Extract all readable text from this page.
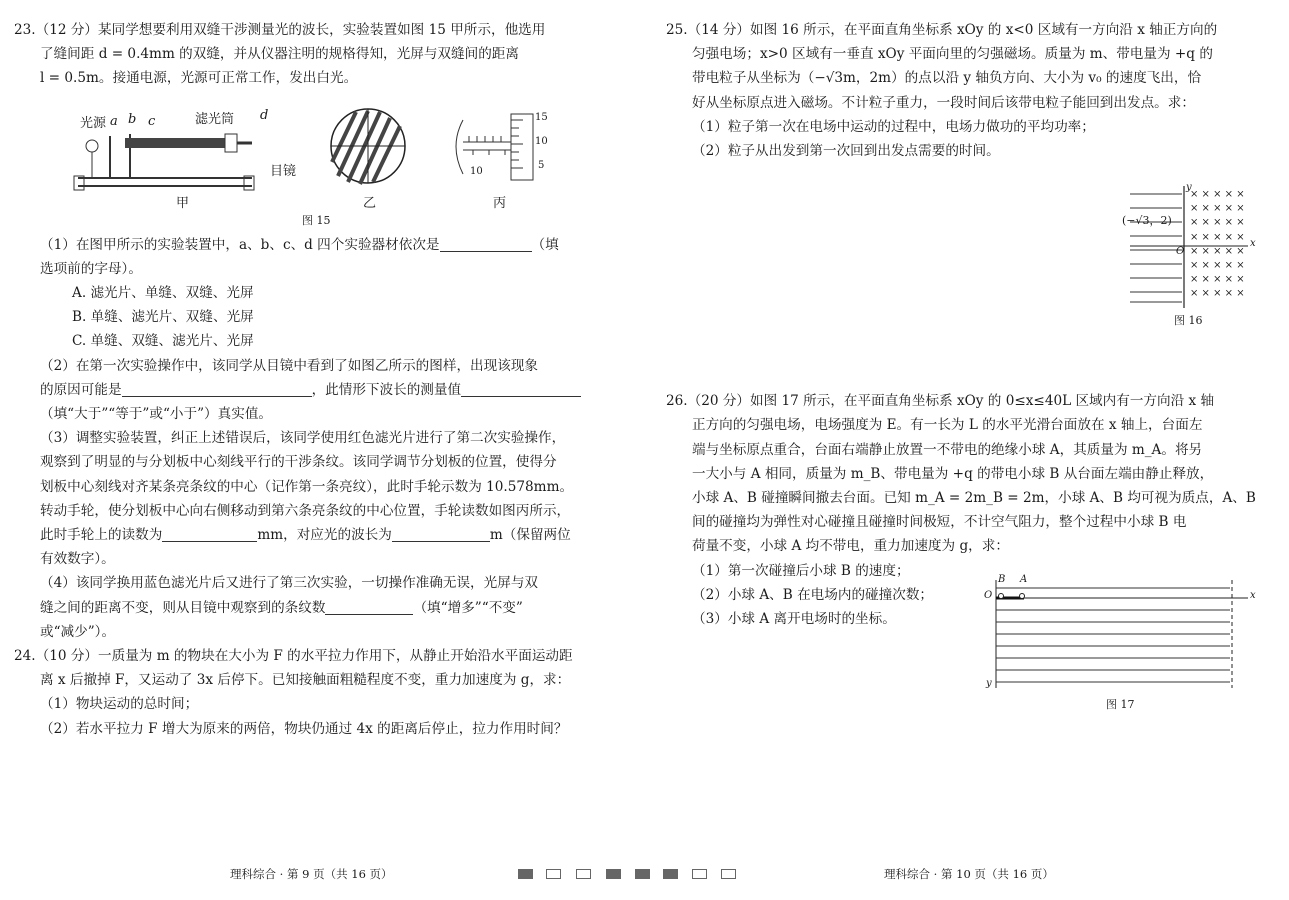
23.（12 分）某同学想要利用双缝干涉测量光的波长，实验装置如图 15 甲所示，他选用

了缝间距 d = 0.4mm 的双缝，并从仪器注明的规格得知，光屏与双缝间的距离

l = 0.5m。接通电源，光源可正常工作，发出白光。

（1）在图甲所示的实验装置中，a、b、c、d 四个实验器材依次是	（填

选项前的字母）。

A. 滤光片、单缝、双缝、光屏

B. 单缝、滤光片、双缝、光屏

C. 单缝、双缝、滤光片、光屏

（2）在第一次实验操作中，该同学从目镜中看到了如图乙所示的图样，出现该现象

的原因可能是	，此情形下波长的测量值

（填“大于”“等于”或“小于”）真实值。

（3）调整实验装置，纠正上述错误后，该同学使用红色滤光片进行了第二次实验操作，

观察到了明显的与分划板中心刻线平行的干涉条纹。该同学调节分划板的位置，使得分

划板中心刻线对齐某条亮条纹的中心（记作第一条亮纹），此时手轮示数为 10.578mm。

转动手轮，使分划板中心向右侧移动到第六条亮条纹的中心位置，手轮读数如图丙所示，

此时手轮上的读数为	mm，对应光的波长为	m（保留两位

有效数字）。

（4）该同学换用蓝色滤光片后又进行了第三次实验，一切操作准确无误，光屏与双

缝之间的距离不变，则从目镜中观察到的条纹数	（填“增多”“不变”

或“减少”）。

24.（10 分）一质量为 m 的物块在大小为 F 的水平拉力作用下，从静止开始沿水平面运动距

离 x 后撤掉 F，又运动了 3x 后停下。已知接触面粗糙程度不变，重力加速度为 g，求：

（1）物块运动的总时间；

（2）若水平拉力 F 增大为原来的两倍，物块仍通过 4x 的距离后停止，拉力作用时间？

光源 a b c	滤光筒 d
目镜
甲
图 15
乙
15
10
5
10
丙

25.（14 分）如图 16 所示，在平面直角坐标系 xOy 的 x<0 区域有一方向沿 x 轴正方向的

匀强电场；x>0 区域有一垂直 xOy 平面向里的匀强磁场。质量为 m、带电量为 +q 的

带电粒子从坐标为（−√3m，2m）的点以沿 y 轴负方向、大小为 v₀ 的速度飞出，恰

好从坐标原点进入磁场。不计粒子重力，一段时间后该带电粒子能回到出发点。求：

（1）粒子第一次在电场中运动的过程中，电场力做功的平均功率；

（2）粒子从出发到第一次回到出发点需要的时间。

26.（20 分）如图 17 所示，在平面直角坐标系 xOy 的 0≤x≤40L 区域内有一方向沿 x 轴

正方向的匀强电场，电场强度为 E。有一长为 L 的水平光滑台面放在 x 轴上，台面左

端与坐标原点重合，台面右端静止放置一不带电的绝缘小球 A，其质量为 m_A。将另

一大小与 A 相同，质量为 m_B、带电量为 +q 的带电小球 B 从台面左端由静止释放，

小球 A、B 碰撞瞬间撤去台面。已知 m_A = 2m_B = 2m，小球 A、B 均可视为质点，A、B

间的碰撞均为弹性对心碰撞且碰撞时间极短，不计空气阻力，整个过程中小球 B 电

荷量不变，小球 A 均不带电，重力加速度为 g，求：

（1）第一次碰撞后小球 B 的速度；

（2）小球 A、B 在电场内的碰撞次数；

（3）小球 A 离开电场时的坐标。

(−√3，2)
y
x
O
× × × × ×
× × × × ×
× × × × ×
× × × × ×
× × × × ×
× × × × ×
× × × × ×
× × × × ×
图 16
B A
O	x
y
图 17
理科综合 · 第 9 页（共 16 页）	理科综合 · 第 10 页（共 16 页）
